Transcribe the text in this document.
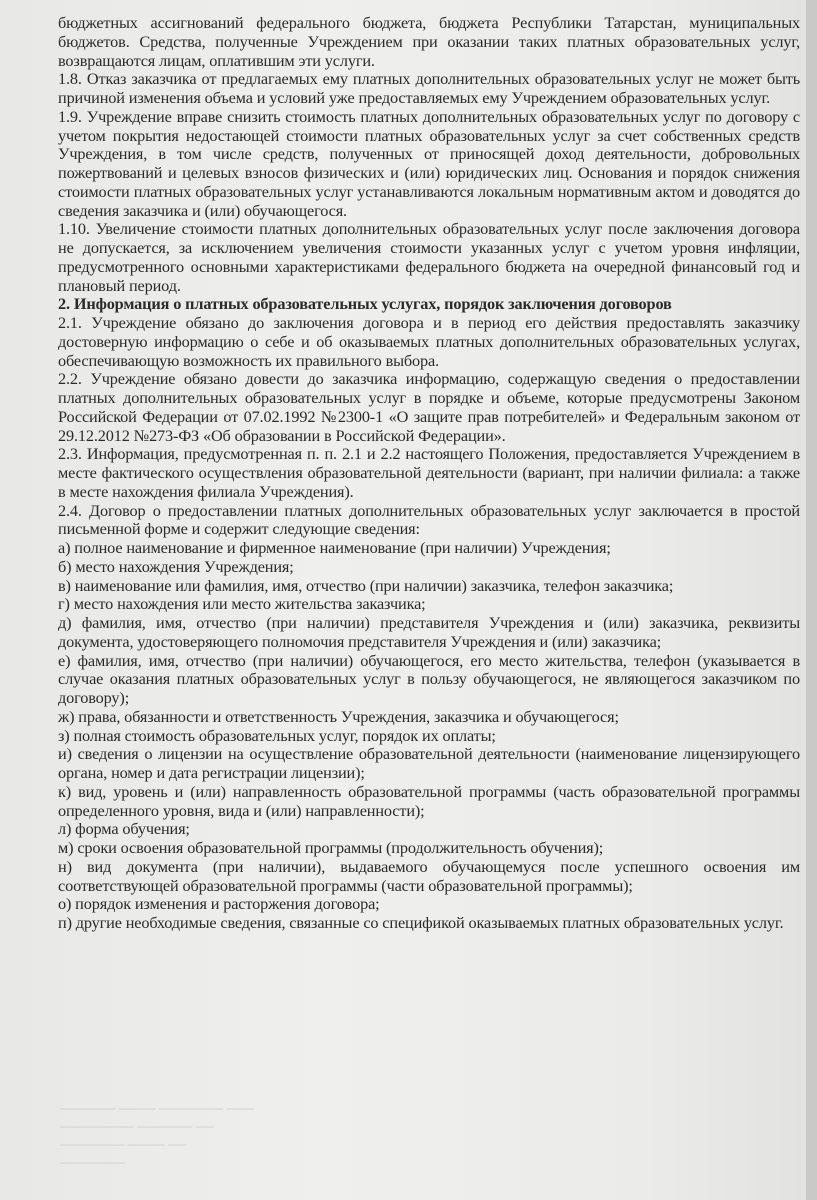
бюджетных ассигнований федерального бюджета, бюджета Республики Татарстан, муниципальных бюджетов. Средства, полученные Учреждением при оказании таких платных образовательных услуг, возвращаются лицам, оплатившим эти услуги.

1.8. Отказ заказчика от предлагаемых ему платных дополнительных образовательных услуг не может быть причиной изменения объема и условий уже предоставляемых ему Учреждением образовательных услуг.

1.9. Учреждение вправе снизить стоимость платных дополнительных образовательных услуг по договору с учетом покрытия недостающей стоимости платных образовательных услуг за счет собственных средств Учреждения, в том числе средств, полученных от приносящей доход деятельности, добровольных пожертвований и целевых взносов физических и (или) юридических лиц. Основания и порядок снижения стоимости платных образовательных услуг устанавливаются локальным нормативным актом и доводятся до сведения заказчика и (или) обучающегося.

1.10. Увеличение стоимости платных дополнительных образовательных услуг после заключения договора не допускается, за исключением увеличения стоимости указанных услуг с учетом уровня инфляции, предусмотренного основными характеристиками федерального бюджета на очередной финансовый год и плановый период.

2. Информация о платных образовательных услугах, порядок заключения договоров

2.1. Учреждение обязано до заключения договора и в период его действия предоставлять заказчику достоверную информацию о себе и об оказываемых платных дополнительных образовательных услугах, обеспечивающую возможность их правильного выбора.

2.2. Учреждение обязано довести до заказчика информацию, содержащую сведения о предоставлении платных дополнительных образовательных услуг в порядке и объеме, которые предусмотрены Законом Российской Федерации от 07.02.1992 №2300-1 «О защите прав потребителей» и Федеральным законом от 29.12.2012 №273-ФЗ «Об образовании в Российской Федерации».

2.3. Информация, предусмотренная п. п. 2.1 и 2.2 настоящего Положения, предоставляется Учреждением в месте фактического осуществления образовательной деятельности (вариант, при наличии филиала: а также в месте нахождения филиала Учреждения).

2.4. Договор о предоставлении платных дополнительных образовательных услуг заключается в простой письменной форме и содержит следующие сведения:

а) полное наименование и фирменное наименование (при наличии) Учреждения;

б) место нахождения Учреждения;

в) наименование или фамилия, имя, отчество (при наличии) заказчика, телефон заказчика;

г) место нахождения или место жительства заказчика;

д) фамилия, имя, отчество (при наличии) представителя Учреждения и (или) заказчика, реквизиты документа, удостоверяющего полномочия представителя Учреждения и (или) заказчика;

е) фамилия, имя, отчество (при наличии) обучающегося, его место жительства, телефон (указывается в случае оказания платных образовательных услуг в пользу обучающегося, не являющегося заказчиком по договору);

ж) права, обязанности и ответственность Учреждения, заказчика и обучающегося;

з) полная стоимость образовательных услуг, порядок их оплаты;

и) сведения о лицензии на осуществление образовательной деятельности (наименование лицензирующего органа, номер и дата регистрации лицензии);

к) вид, уровень и (или) направленность образовательной программы (часть образовательной программы определенного уровня, вида и (или) направленности);

л) форма обучения;

м) сроки освоения образовательной программы (продолжительность обучения);

н) вид документа (при наличии), выдаваемого обучающемуся после успешного освоения им соответствующей образовательной программы (части образовательной программы);

о) порядок изменения и расторжения договора;

п) другие необходимые сведения, связанные со спецификой оказываемых платных образовательных услуг.

────── ──── ─────── ───
──────── ────── ──
─────── ──── ──
───────
